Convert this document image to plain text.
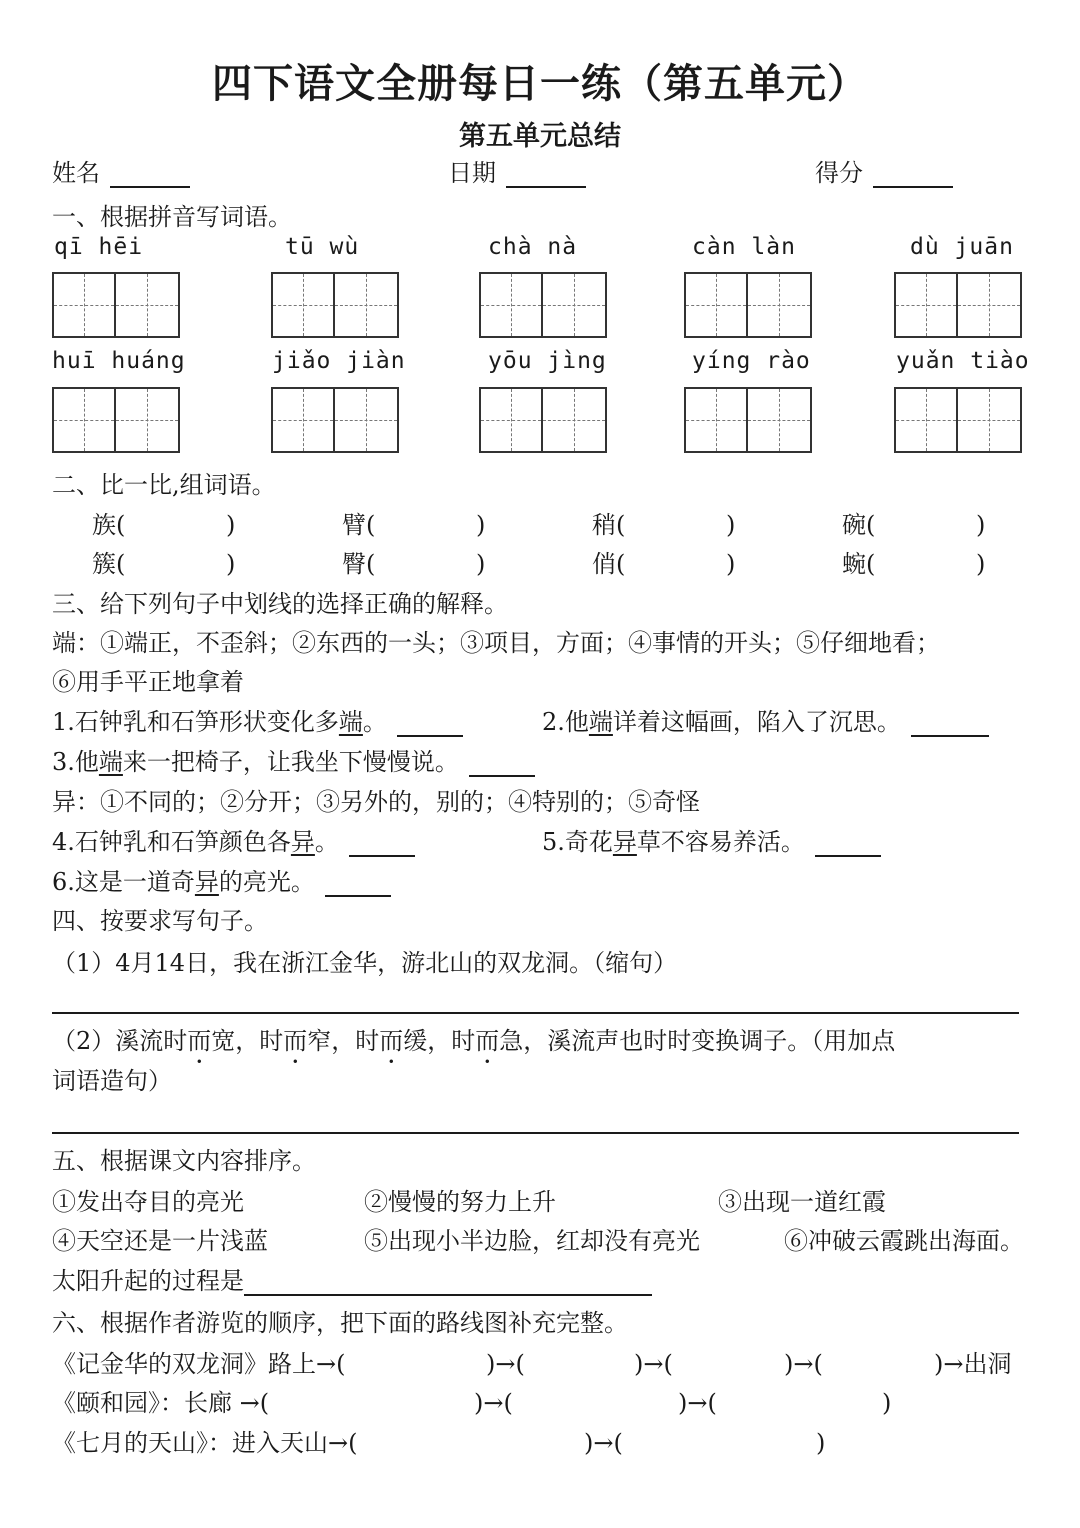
四下语文全册每日一练（第五单元）
第五单元总结
姓名	日期	得分
一、根据拼音写词语。
qī hēi	tū wù	chà nà	càn làn	dù juān
huī huáng	jiǎo jiàn	yōu jìng	yíng rào	yuǎn tiào
二、比一比,组词语。
族(	)	臂(	)	稍(	)	碗(	)
簇(	)	臀(	)	俏(	)	蜿(	)
三、给下列句子中划线的选择正确的解释。
端：①端正，不歪斜；②东西的一头；③项目，方面；④事情的开头；⑤仔细地看；
⑥用手平正地拿着
1.石钟乳和石笋形状变化多端。	2.他端详着这幅画，陷入了沉思。
3.他端来一把椅子，让我坐下慢慢说。
异：①不同的；②分开；③另外的，别的；④特别的；⑤奇怪
4.石钟乳和石笋颜色各异。	5.奇花异草不容易养活。
6.这是一道奇异的亮光。
四、按要求写句子。
（1）4月14日，我在浙江金华，游北山的双龙洞。（缩句）
（2）溪流时而宽，时而窄，时而缓，时而急，溪流声也时时变换调子。（用加点
词语造句）
五、根据课文内容排序。
①发出夺目的亮光	②慢慢的努力上升	③出现一道红霞
④天空还是一片浅蓝	⑤出现小半边脸，红却没有亮光	⑥冲破云霞跳出海面。
太阳升起的过程是
六、根据作者游览的顺序，把下面的路线图补充完整。
《记金华的双龙洞》路上→(	)→(	)→(	)→(	)→出洞
《颐和园》：长廊 →(	)→(	)→(	)
《七月的天山》：进入天山→(	)→(	)
